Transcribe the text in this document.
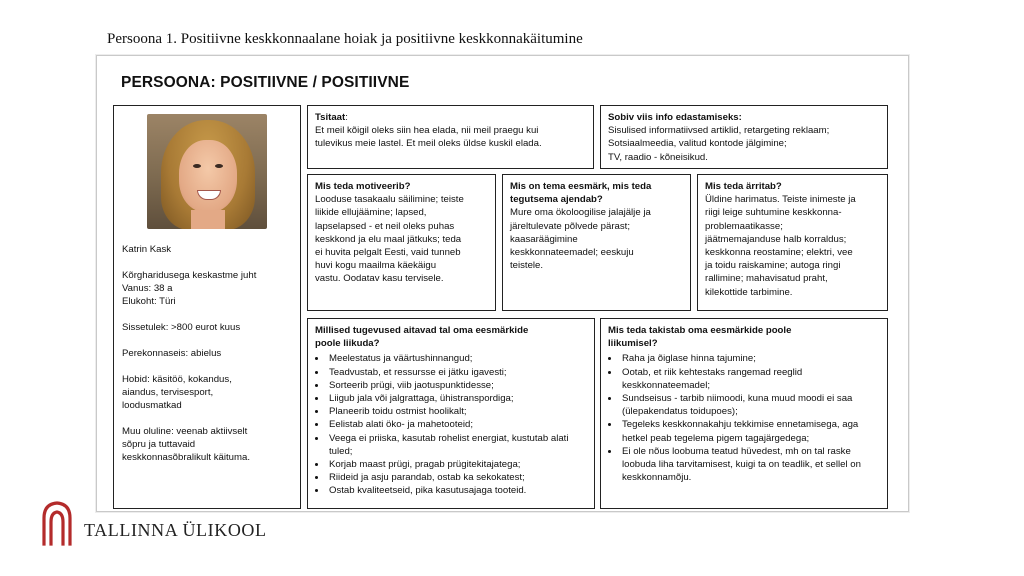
Persoona 1. Positiivne keskkonnaalane hoiak ja positiivne keskkonnakäitumine
PERSOONA: POSITIIVNE / POSITIIVNE

Katrin Kask

Kõrgharidusega keskastme juht

Vanus: 38 a

Elukoht: Türi

Sissetulek: >800 eurot kuus

Perekonnaseis: abielus

Hobid: käsitöö, kokandus,

aiandus, tervisesport,

loodusmatkad

Muu oluline: veenab aktiivselt

sõpru ja tuttavaid

keskkonnasõbralikult käituma.

Tsitaat:

Et meil kõigil oleks siin hea elada, nii meil praegu kui

tulevikus meie lastel. Et meil oleks üldse kuskil elada.

Sobiv viis info edastamiseks:

Sisulised informatiivsed artiklid, retargeting reklaam;

Sotsiaalmeedia, valitud kontode jälgimine;

TV, raadio - kõneisikud.

Mis teda motiveerib?

Looduse tasakaalu säilimine; teiste

liikide ellujäämine; lapsed,

lapselapsed - et neil oleks puhas

keskkond ja elu maal jätkuks; teda

ei huvita pelgalt Eesti, vaid tunneb

huvi kogu maailma käekäigu

vastu. Oodatav kasu tervisele.

Mis on tema eesmärk, mis teda

tegutsema ajendab?

Mure oma ökoloogilise jalajälje ja

järeltulevate põlvede pärast;

kaasaräägimine

keskkonnateemadel; eeskuju

teistele.

Mis teda ärritab?

Üldine harimatus. Teiste inimeste ja

riigi leige suhtumine keskkonna-

problemaatikasse;

jäätmemajanduse halb korraldus;

keskkonna reostamine; elektri, vee

ja toidu raiskamine; autoga ringi

rallimine; mahavisatud praht,

kilekottide tarbimine.

Millised tugevused aitavad tal oma eesmärkide

poole liikuda?

• Meelestatus ja väärtushinnangud;
• Teadvustab, et ressursse ei jätku igavesti;
• Sorteerib prügi, viib jaotuspunktidesse;
• Liigub jala või jalgrattaga, ühistranspordiga;
• Planeerib toidu ostmist hoolikalt;
• Eelistab alati öko- ja mahetooteid;
• Veega ei priiska, kasutab rohelist energiat, kustutab alati tuled;
• Korjab maast prügi, pragab prügitekitajatega;
• Riideid ja asju parandab, ostab ka sekokatest;
• Ostab kvaliteetseid, pika kasutusajaga tooteid.

Mis teda takistab oma eesmärkide poole

liikumisel?

• Raha ja õiglase hinna tajumine;
• Ootab, et riik kehtestaks rangemad reeglid keskkonnateemadel;
• Sundseisus - tarbib niimoodi, kuna muud moodi ei saa (ülepakendatus toidupoes);
• Tegeleks keskkonnakahju tekkimise ennetamisega, aga hetkel peab tegelema pigem tagajärgedega;
• Ei ole nõus loobuma teatud hüvedest, mh on tal raske loobuda liha tarvitamisest, kuigi ta on teadlik, et sellel on keskkonnamõju.
TALLINNA ÜLIKOOL
